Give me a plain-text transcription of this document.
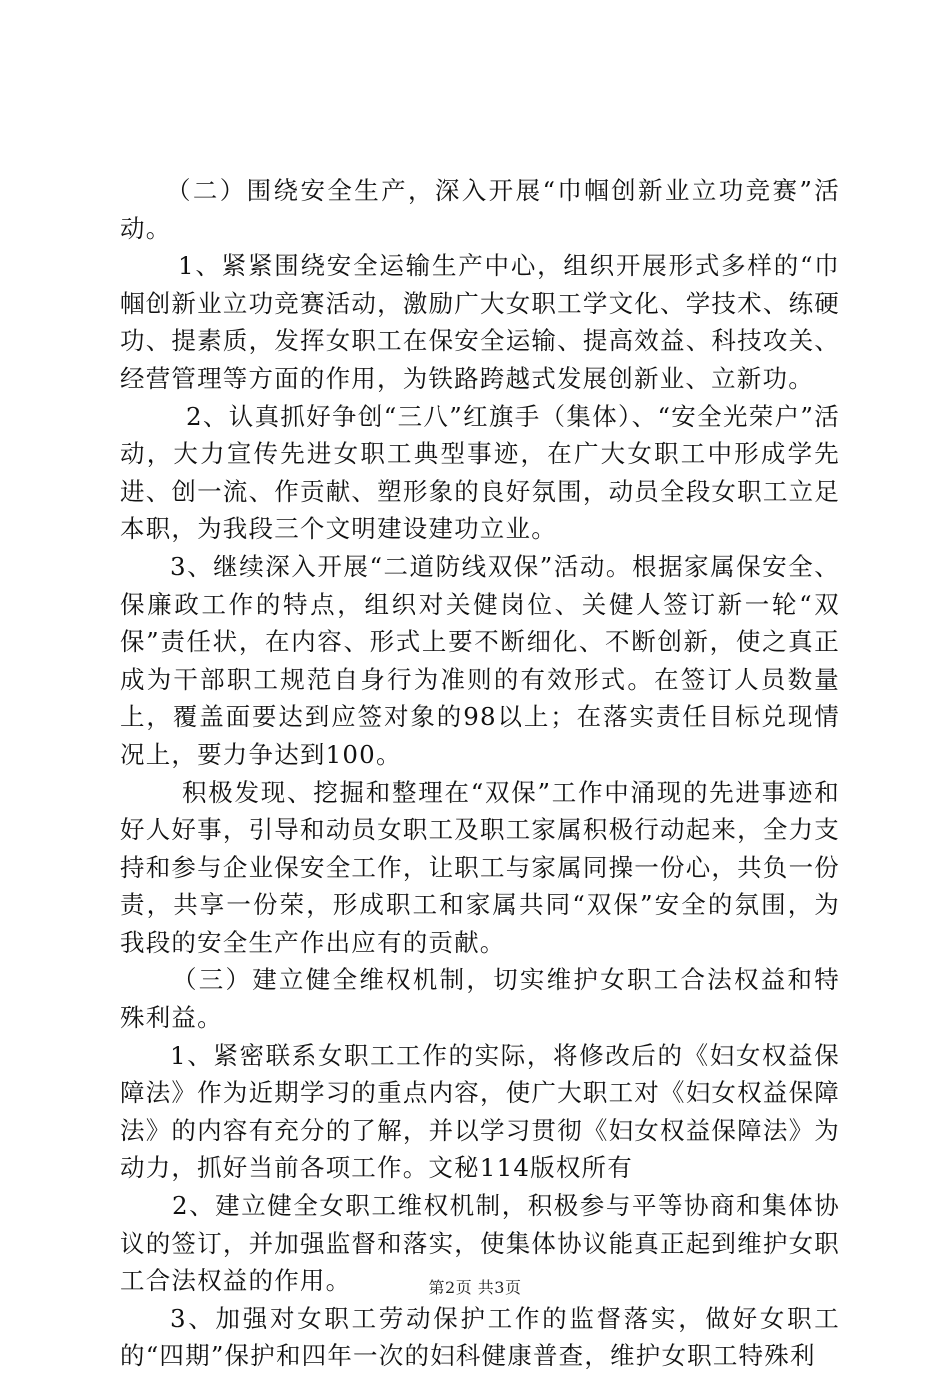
（二）围绕安全生产，深入开展“巾帼创新业立功竞赛”活动。

1、紧紧围绕安全运输生产中心，组织开展形式多样的“巾帼创新业立功竞赛活动，激励广大女职工学文化、学技术、练硬功、提素质，发挥女职工在保安全运输、提高效益、科技攻关、经营管理等方面的作用，为铁路跨越式发展创新业、立新功。

2、认真抓好争创“三八”红旗手（集体）、“安全光荣户”活动，大力宣传先进女职工典型事迹，在广大女职工中形成学先进、创一流、作贡献、塑形象的良好氛围，动员全段女职工立足本职，为我段三个文明建设建功立业。

3、继续深入开展“二道防线双保”活动。根据家属保安全、保廉政工作的特点，组织对关健岗位、关健人签订新一轮“双保”责任状，在内容、形式上要不断细化、不断创新，使之真正成为干部职工规范自身行为准则的有效形式。在签订人员数量上，覆盖面要达到应签对象的98以上；在落实责任目标兑现情况上，要力争达到100。

积极发现、挖掘和整理在“双保”工作中涌现的先进事迹和好人好事，引导和动员女职工及职工家属积极行动起来，全力支持和参与企业保安全工作，让职工与家属同操一份心，共负一份责，共享一份荣，形成职工和家属共同“双保”安全的氛围，为我段的安全生产作出应有的贡献。

（三）建立健全维权机制，切实维护女职工合法权益和特殊利益。

1、紧密联系女职工工作的实际，将修改后的《妇女权益保障法》作为近期学习的重点内容，使广大职工对《妇女权益保障法》的内容有充分的了解，并以学习贯彻《妇女权益保障法》为动力，抓好当前各项工作。文秘114版权所有

2、建立健全女职工维权机制，积极参与平等协商和集体协议的签订，并加强监督和落实，使集体协议能真正起到维护女职工合法权益的作用。

3、加强对女职工劳动保护工作的监督落实，做好女职工的“四期”保护和四年一次的妇科健康普查，维护女职工特殊利

第2页 共3页
